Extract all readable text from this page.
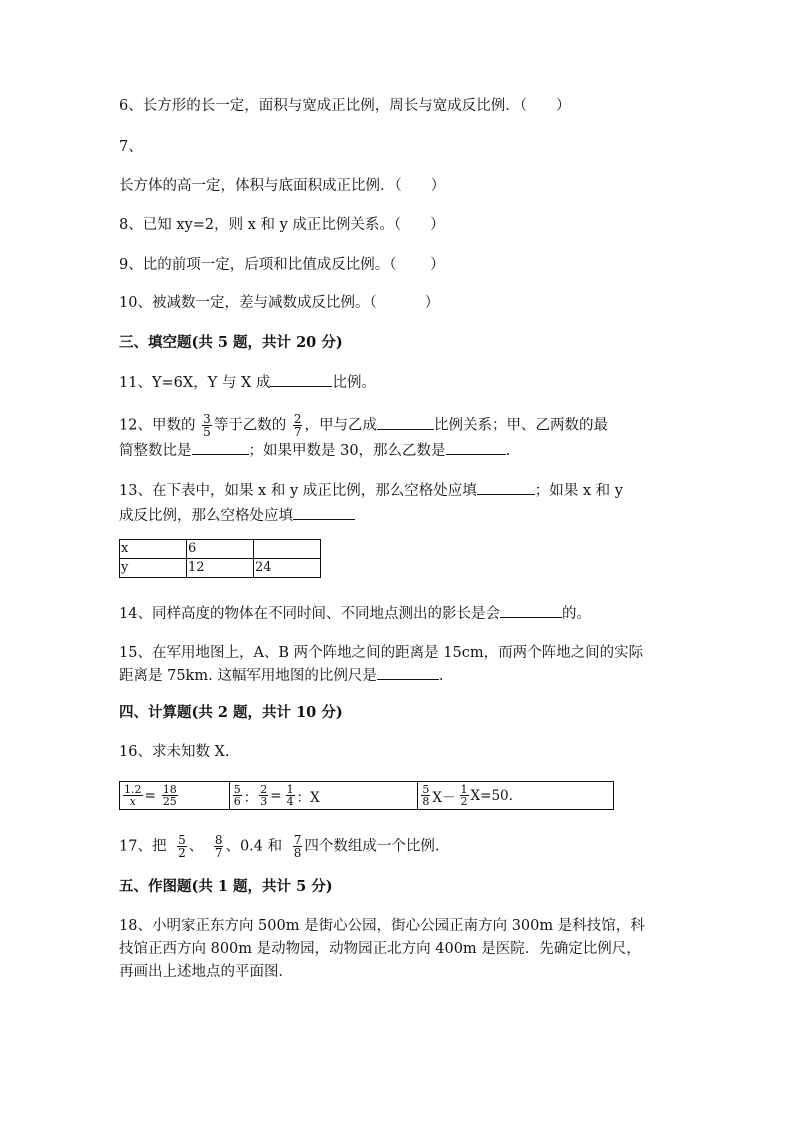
6、长方形的长一定，面积与宽成正比例，周长与宽成反比例．（　　）
7、
长方体的高一定，体积与底面积成正比例．（　　）
8、已知 xy=2，则 x 和 y 成正比例关系。（　　）
9、比的前项一定，后项和比值成反比例。（　　 ）
10、被减数一定，差与减数成反比例。（　　　 ）
三、填空题(共 5 题，共计 20 分)
11、Y=6X，Y 与 X 成	比例。
12、甲数的 $\frac{3}{5}$ 等于乙数的 $\frac{2}{7}$ ，甲与乙成	比例关系；甲、乙两数的最
简整数比是	；如果甲数是 30，那么乙数是	.
13、在下表中，如果 x 和 y 成正比例，那么空格处应填	；如果 x 和 y
成反比例，那么空格处应填
x	6	
y	12	24
14、同样高度的物体在不同时间、不同地点测出的影长是会	的。
15、在军用地图上，A、B 两个阵地之间的距离是 15cm，而两个阵地之间的实际
距离是 75km. 这幅军用地图的比例尺是	.
四、计算题(共 2 题，共计 10 分)
16、求未知数 X.
$\frac{1.2}{x} = \frac{18}{25}$	$\frac{5}{6}$ ： $\frac{2}{3} = \frac{1}{4}$ ：X	$\frac{5}{8} X- \frac{1}{2} X=50$.
17、把 $\frac{5}{2}$ 、 $\frac{8}{7}$ 、0.4 和 $\frac{7}{8}$ 四个数组成一个比例.
五、作图题(共 1 题，共计 5 分)
18、小明家正东方向 500m 是街心公园，街心公园正南方向 300m 是科技馆，科
技馆正西方向 800m 是动物园，动物园正北方向 400m 是医院．先确定比例尺，
再画出上述地点的平面图．
